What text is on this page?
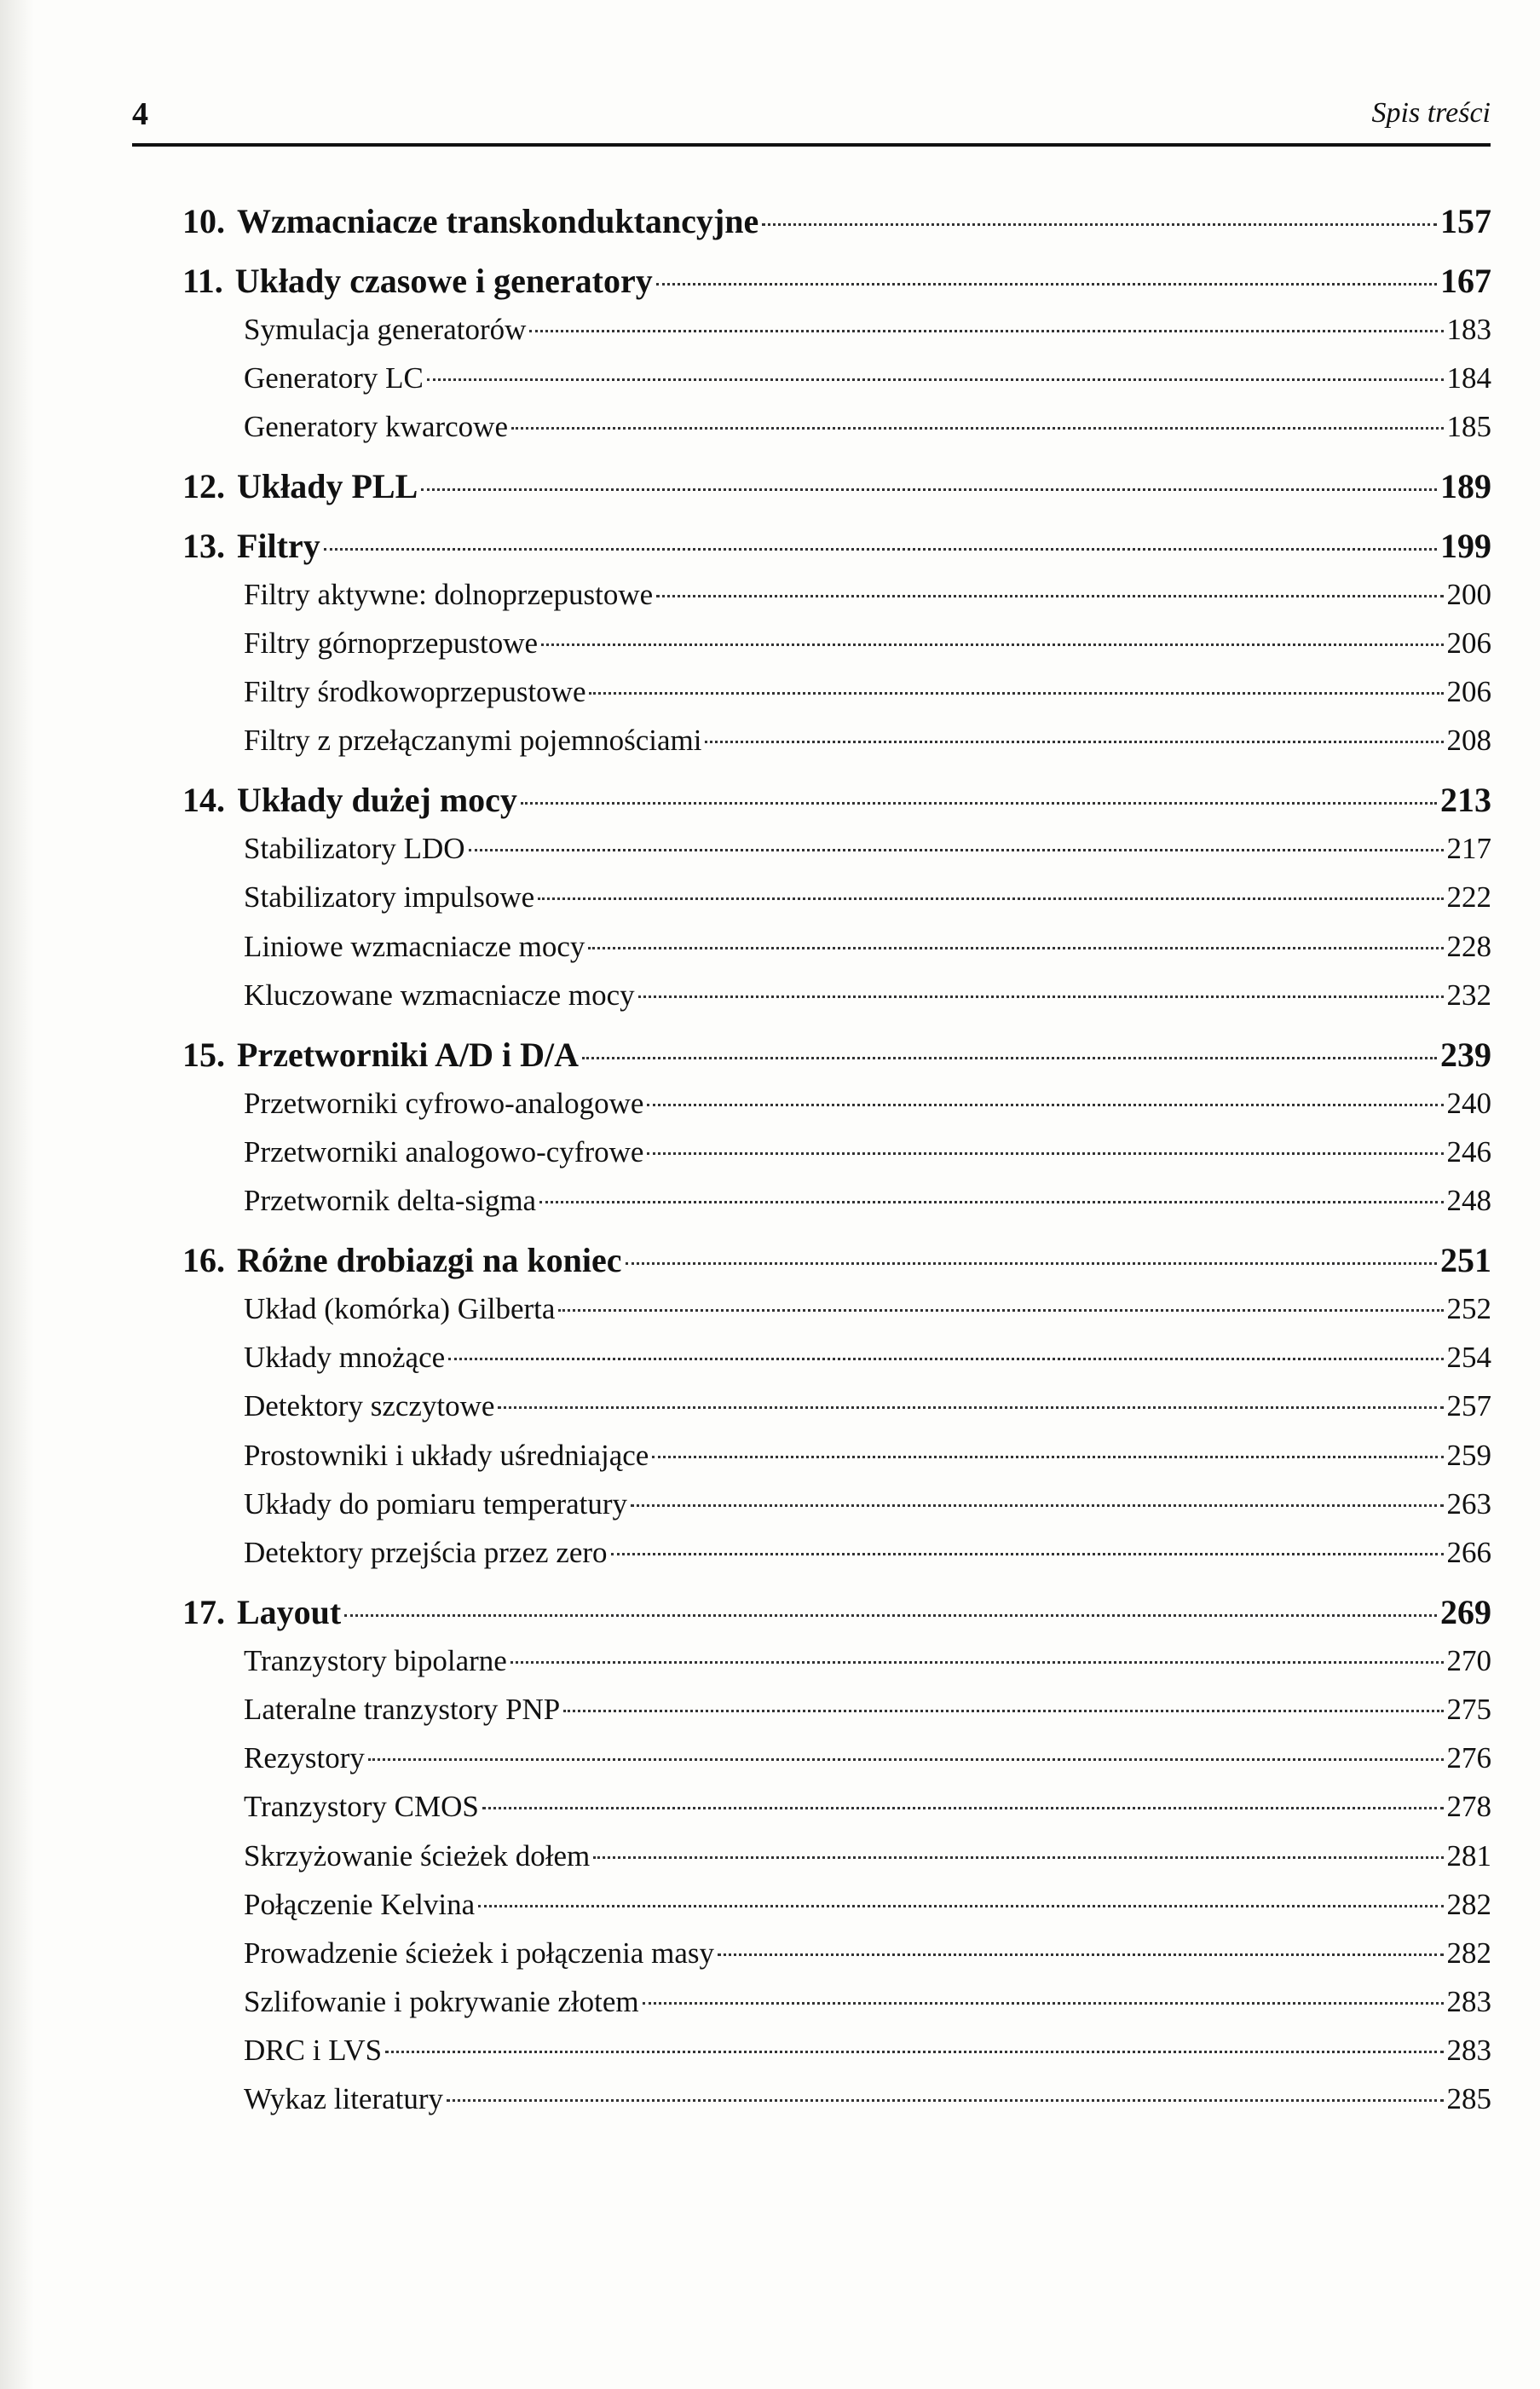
4	Spis treści
10. Wzmacniacze transkonduktancyjne	157
11. Układy czasowe i generatory	167
Symulacja generatorów	183
Generatory LC	184
Generatory kwarcowe	185
12. Układy PLL	189
13. Filtry	199
Filtry aktywne: dolnoprzepustowe	200
Filtry górnoprzepustowe	206
Filtry środkowoprzepustowe	206
Filtry z przełączanymi pojemnościami	208
14. Układy dużej mocy	213
Stabilizatory LDO	217
Stabilizatory impulsowe	222
Liniowe wzmacniacze mocy	228
Kluczowane wzmacniacze mocy	232
15. Przetworniki A/D i D/A	239
Przetworniki cyfrowo-analogowe	240
Przetworniki analogowo-cyfrowe	246
Przetwornik delta-sigma	248
16. Różne drobiazgi na koniec	251
Układ (komórka) Gilberta	252
Układy mnożące	254
Detektory szczytowe	257
Prostowniki i układy uśredniające	259
Układy do pomiaru temperatury	263
Detektory przejścia przez zero	266
17. Layout	269
Tranzystory bipolarne	270
Lateralne tranzystory PNP	275
Rezystory	276
Tranzystory CMOS	278
Skrzyżowanie ścieżek dołem	281
Połączenie Kelvina	282
Prowadzenie ścieżek i połączenia masy	282
Szlifowanie i pokrywanie złotem	283
DRC i LVS	283
Wykaz literatury	285
